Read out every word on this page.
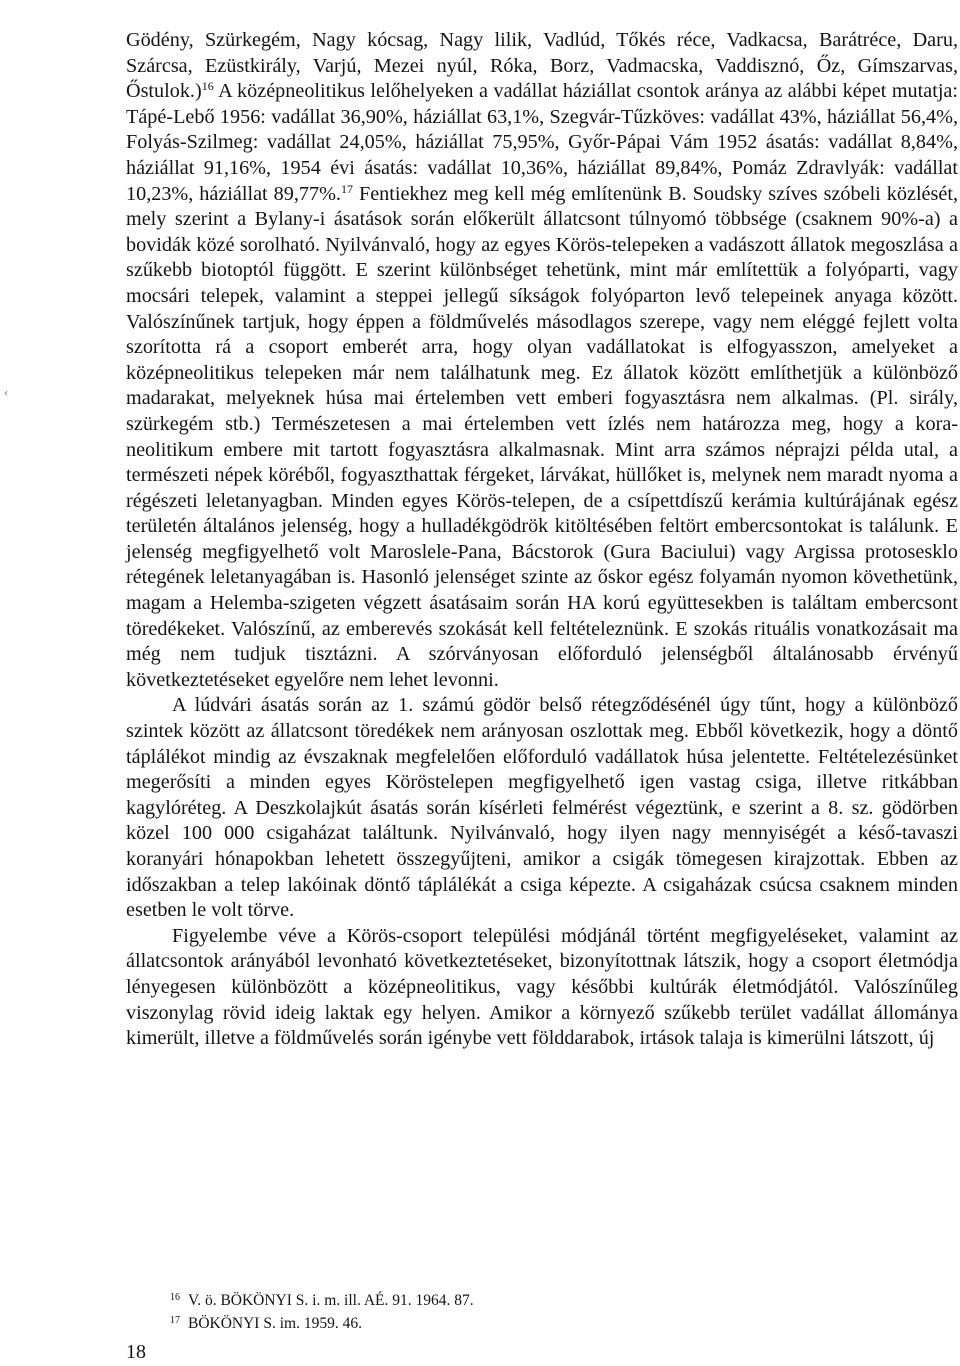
Gödény, Szürkegém, Nagy kócsag, Nagy lilik, Vadlúd, Tőkés réce, Vadkacsa, Barátréce, Daru, Szárcsa, Ezüstkirály, Varjú, Mezei nyúl, Róka, Borz, Vadmacska, Vaddisznó, Őz, Gímszarvas, Őstulok.)$^{16}$ A középneolitikus lelőhelyeken a vadállat háziállat csontok aránya az alábbi képet mutatja: Tápé-Lebő 1956: vadállat 36,90%, háziállat 63,1%, Szegvár-Tűzköves: vadállat 43%, háziállat 56,4%, Folyás-Szilmeg: vadállat 24,05%, háziállat 75,95%, Győr-Pápai Vám 1952 ásatás: vadállat 8,84%, háziállat 91,16%, 1954 évi ásatás: vadállat 10,36%, háziállat 89,84%, Pomáz Zdravlyák: vadállat 10,23%, háziállat 89,77%.$^{17}$ Fentiekhez meg kell még említenünk B. Soudsky szíves szóbeli közlését, mely szerint a Bylany-i ásatások során előkerült állatcsont túlnyomó többsége (csaknem 90%-a) a bovidák közé sorolható. Nyilvánvaló, hogy az egyes Körös-telepeken a vadászott állatok megoszlása a szűkebb biotoptól függött. E szerint különbséget tehetünk, mint már említettük a folyóparti, vagy mocsári telepek, valamint a steppei jellegű síkságok folyóparton levő telepeinek anyaga között. Valószínűnek tartjuk, hogy éppen a földművelés másodlagos szerepe, vagy nem eléggé fejlett volta szorította rá a csoport emberét arra, hogy olyan vadállatokat is elfogyasszon, amelyeket a középneolitikus telepeken már nem találhatunk meg. Ez állatok között említhetjük a különböző madarakat, melyeknek húsa mai értelemben vett emberi fogyasztásra nem alkalmas. (Pl. sirály, szürkegém stb.) Természetesen a mai értelemben vett ízlés nem határozza meg, hogy a kora-neolitikum embere mit tartott fogyasztásra alkalmasnak. Mint arra számos néprajzi példa utal, a természeti népek köréből, fogyaszthattak férgeket, lárvákat, hüllőket is, melynek nem maradt nyoma a régészeti leletanyagban. Minden egyes Körös-telepen, de a csípettdíszű kerámia kultúrájának egész területén általános jelenség, hogy a hulladékgödrök kitöltésében feltört embercsontokat is találunk. E jelenség megfigyelhető volt Maroslele-Pana, Bácstorok (Gura Baciului) vagy Argissa protosesklo rétegének leletanyagában is. Hasonló jelenséget szinte az őskor egész folyamán nyomon követhetünk, magam a Helemba-szigeten végzett ásatásaim során HA korú együttesekben is találtam embercsont töredékeket. Valószínű, az emberevés szokását kell feltételeznünk. E szokás rituális vonatkozásait ma még nem tudjuk tisztázni. A szórványosan előforduló jelenségből általánosabb érvényű következtetéseket egyelőre nem lehet levonni.

A lúdvári ásatás során az 1. számú gödör belső rétegződésénél úgy tűnt, hogy a különböző szintek között az állatcsont töredékek nem arányosan oszlottak meg. Ebből következik, hogy a döntő táplálékot mindig az évszaknak megfelelően előforduló vadállatok húsa jelentette. Feltételezésünket megerősíti a minden egyes Köröstelepen megfigyelhető igen vastag csiga, illetve ritkábban kagylóréteg. A Deszkolajkút ásatás során kísérleti felmérést végeztünk, e szerint a 8. sz. gödörben közel 100 000 csigaházat találtunk. Nyilvánvaló, hogy ilyen nagy mennyiségét a késő-tavaszi koranyári hónapokban lehetett összegyűjteni, amikor a csigák tömegesen kirajzottak. Ebben az időszakban a telep lakóinak döntő táplálékát a csiga képezte. A csigaházak csúcsa csaknem minden esetben le volt törve.

Figyelembe véve a Körös-csoport települési módjánál történt megfigyeléseket, valamint az állatcsontok arányából levonható következtetéseket, bizonyítottnak látszik, hogy a csoport életmódja lényegesen különbözött a középneolitikus, vagy későbbi kultúrák életmódjától. Valószínűleg viszonylag rövid ideig laktak egy helyen. Amikor a környező szűkebb terület vadállat állománya kimerült, illetve a földművelés során igénybe vett földdarabok, irtások talaja is kimerülni látszott, új

$^{16}$ V. ö. BÖKÖNYI S. i. m. ill. AÉ. 91. 1964. 87.
$^{17}$ BÖKÖNYI S. im. 1959. 46.
18
‹
